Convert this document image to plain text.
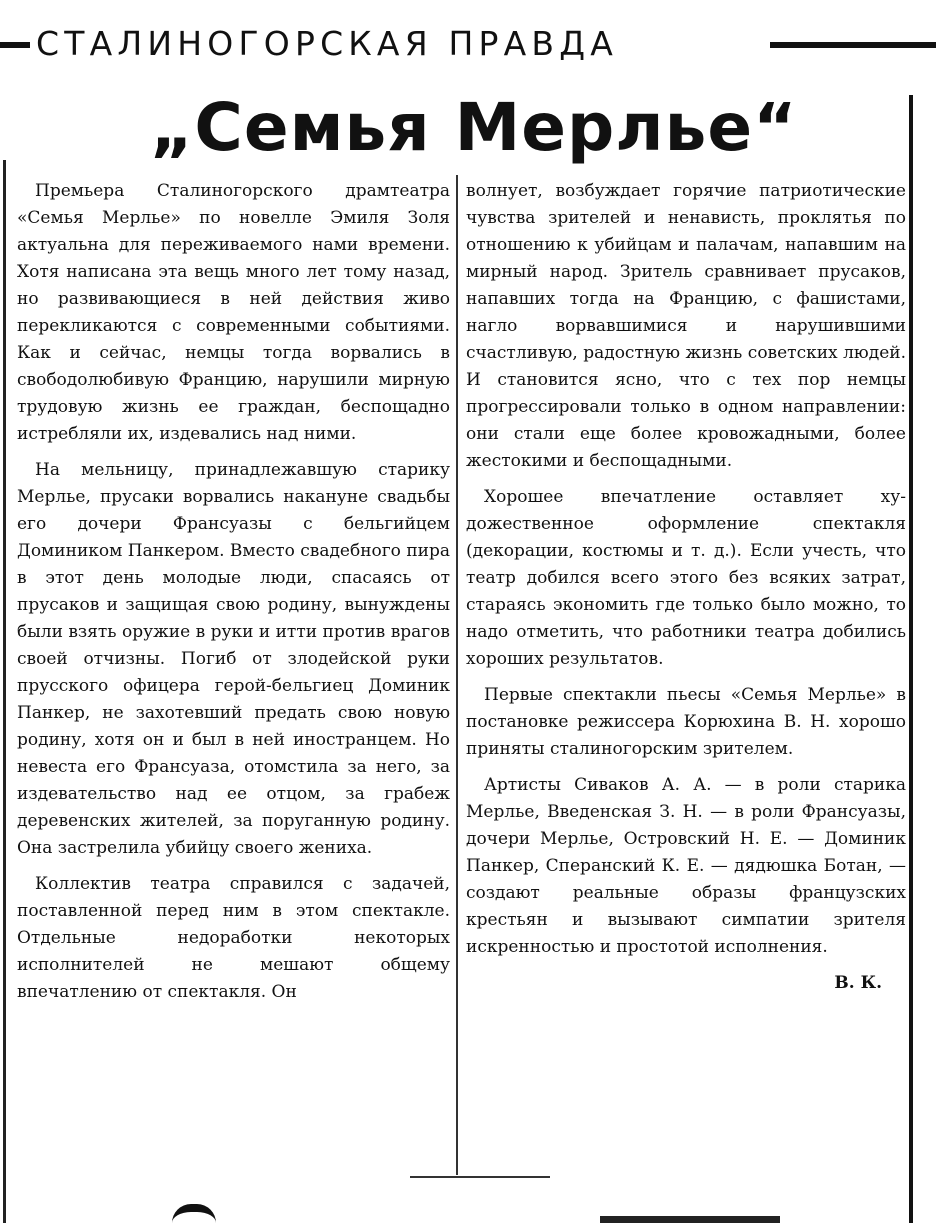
СТАЛИНОГОРСКАЯ ПРАВДА
„Семья Мерлье“

Премьера Сталиногорского драмтеатра «Семья Мерлье» по новелле Эмиля Золя актуальна для переживаемого нами времени. Хотя написана эта вещь много лет тому назад, но развивающиеся в ней действия живо перекликаются с современными событиями. Как и сейчас, немцы тогда ворвались в свободолюбивую Францию, нарушили мирную трудовую жизнь ее граждан, беспощадно истребляли их, издевались над ними.

На мельницу, принадлежавшую старику Мерлье, прусаки ворвались накануне свадьбы его дочери Франсуазы с бельгийцем Домиником Панкером. Вместо свадебного пира в этот день молодые люди, спасаясь от прусаков и защищая свою родину, вынуждены были взять оружие в руки и итти против врагов своей отчизны. Погиб от злодейской руки прусского офицера герой-бельгиец Доминик Панкер, не захотевший предать свою новую родину, хотя он и был в ней иностранцем. Но невеста его Франсуаза, отомстила за него, за издевательство над ее отцом, за грабеж деревенских жителей, за поруганную родину. Она застрелила убийцу своего жениха.

Коллектив театра справился с задачей, поставленной перед ним в этом спектакле. Отдельные недоработки некоторых исполнителей не мешают общему впечатлению от спектакля. Он

волнует, возбуждает горячие патриотические чувства зрителей и ненависть, проклятья по отношению к убийцам и палачам, напавшим на мирный народ. Зритель сравнивает прусаков, напавших тогда на Францию, с фашистами, нагло ворвавшимися и нарушившими счастливую, радостную жизнь советских людей. И становится ясно, что с тех пор немцы прогрессировали только в одном направлении: они стали еще более кровожадными, более жестокими и беспощадными.

Хорошее впечатление оставляет художественное оформление спектакля (декорации, костюмы и т. д.). Если учесть, что театр добился всего этого без всяких затрат, стараясь экономить где только было можно, то надо отметить, что работники театра добились хороших результатов.

Первые спектакли пьесы «Семья Мерлье» в постановке режиссера Корюхина В. Н. хорошо приняты сталиногорским зрителем.

Артисты Сиваков А. А. — в роли старика Мерлье, Введенская З. Н. — в роли Франсуазы, дочери Мерлье, Островский Н. Е. — Доминик Панкер, Сперанский К. Е. — дядюшка Ботан, — создают реальные образы французских крестьян и вызывают симпатии зрителя искренностью и простотой исполнения.

В. К.
